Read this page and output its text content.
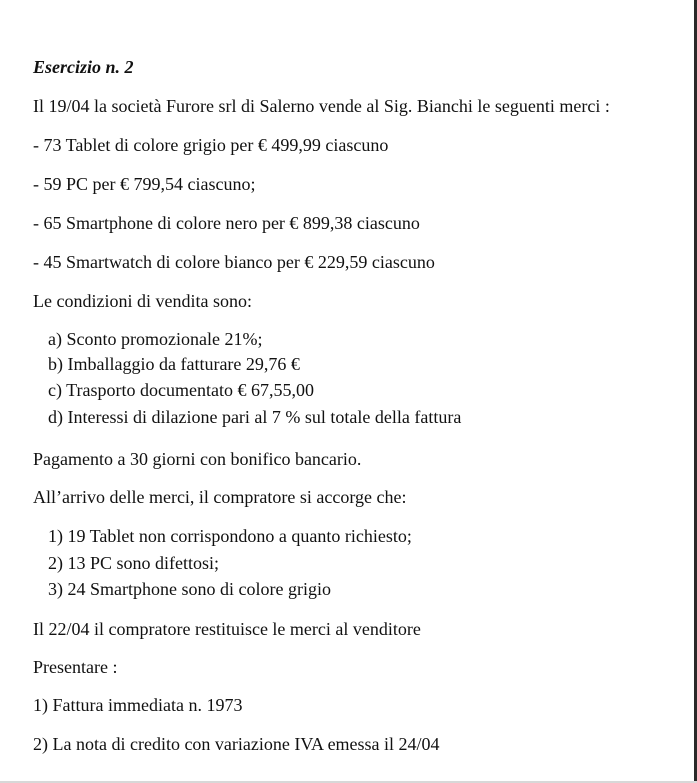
Esercizio n. 2
Il 19/04 la società Furore srl di Salerno vende al Sig. Bianchi le seguenti merci :
- 73 Tablet di colore grigio per € 499,99 ciascuno
- 59 PC per € 799,54 ciascuno;
- 65 Smartphone di colore nero per € 899,38 ciascuno
- 45 Smartwatch di colore bianco per € 229,59 ciascuno
Le condizioni di vendita sono:
a) Sconto promozionale 21%;
b) Imballaggio da fatturare 29,76 €
c) Trasporto documentato € 67,55,00
d) Interessi di dilazione pari al 7 % sul totale della fattura
Pagamento a 30 giorni con bonifico bancario.
All’arrivo delle merci, il compratore si accorge che:
1) 19 Tablet non corrispondono a quanto richiesto;
2) 13 PC sono difettosi;
3) 24 Smartphone sono di colore grigio
Il 22/04 il compratore restituisce le merci al venditore
Presentare :
1) Fattura immediata n. 1973
2) La nota di credito con variazione IVA emessa il 24/04
